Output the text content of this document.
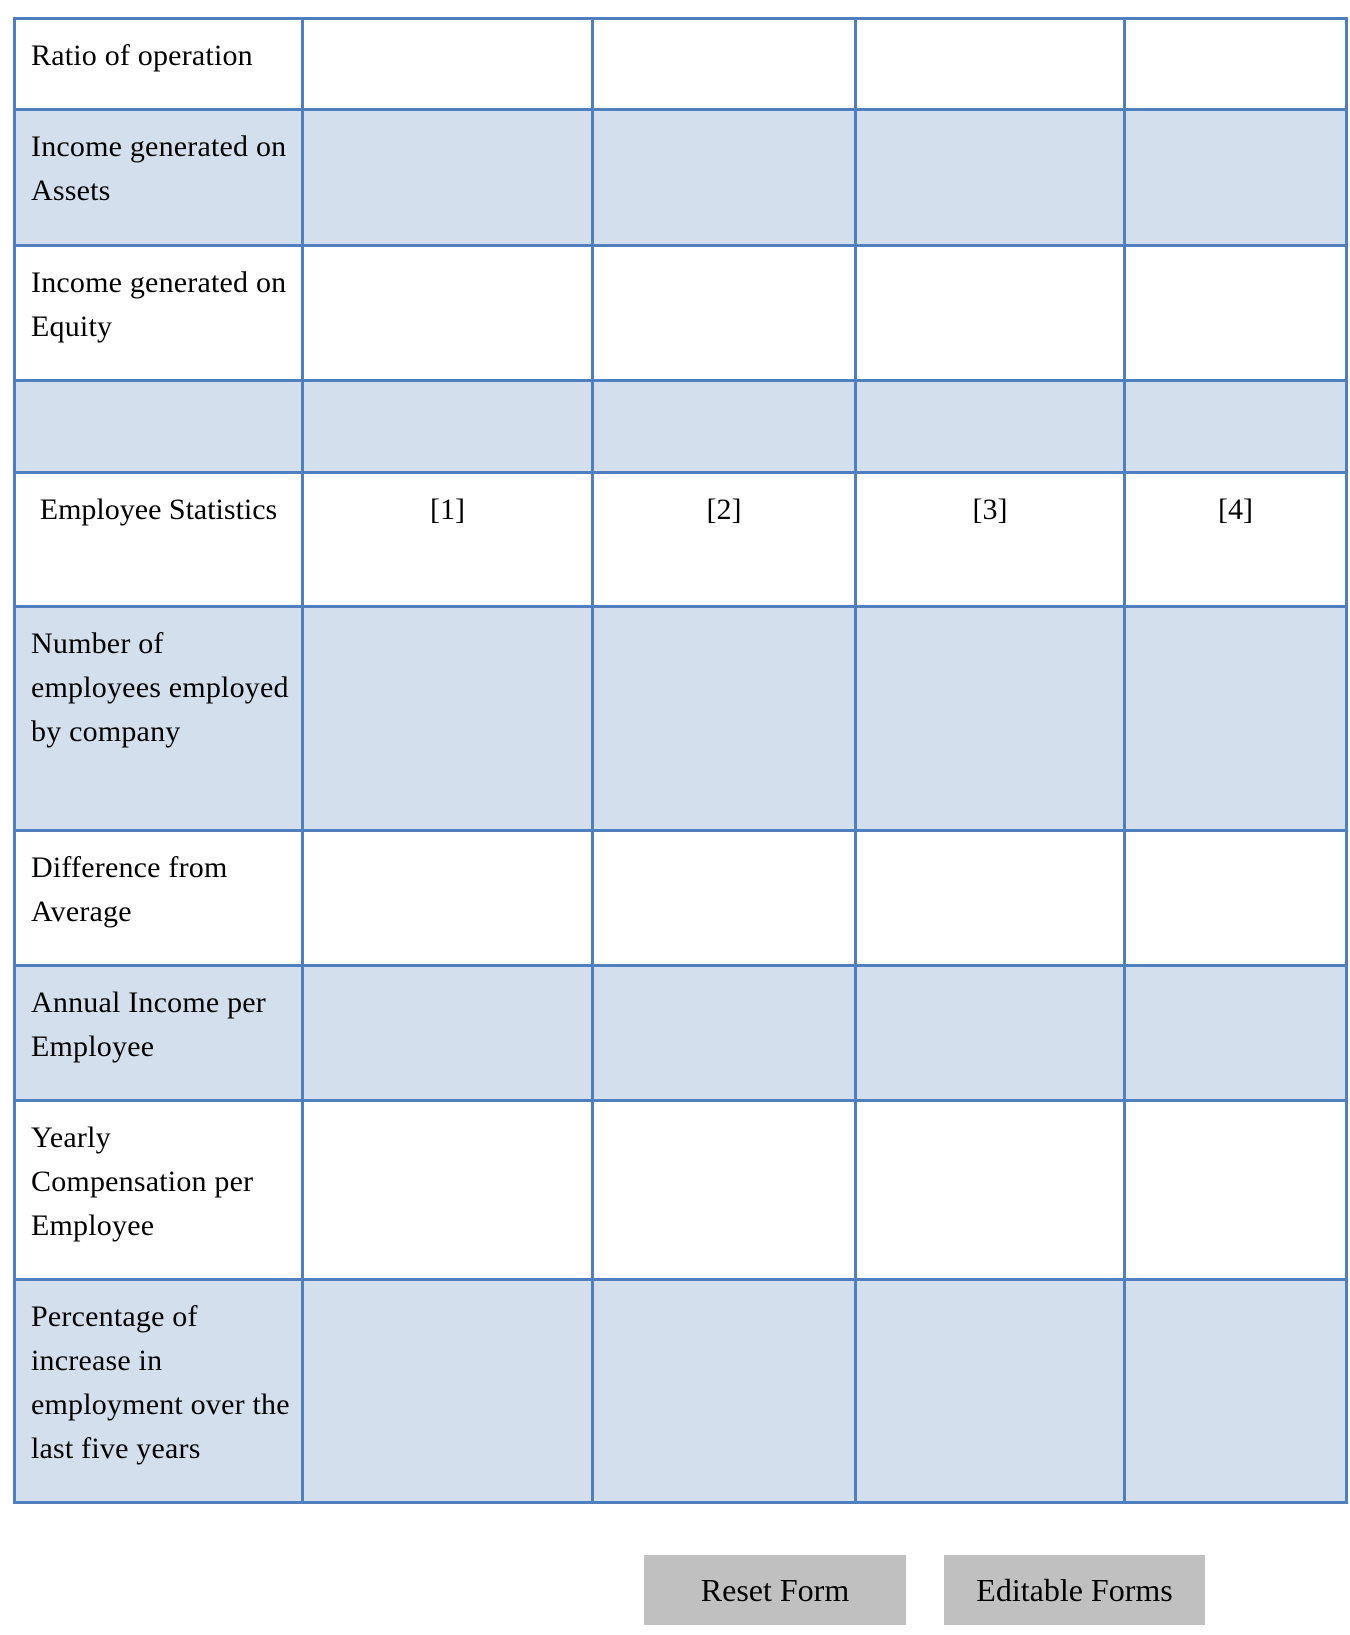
Ratio of operation	

Income generated on Assets	

Income generated on Equity	

Employee Statistics	[1]	[2]	[3]	[4]
Number of employees employed by company	

Difference from Average	

Annual Income per Employee	

Yearly Compensation per Employee	

Percentage of increase in employment over the last five years	

Reset Form	Editable Forms
